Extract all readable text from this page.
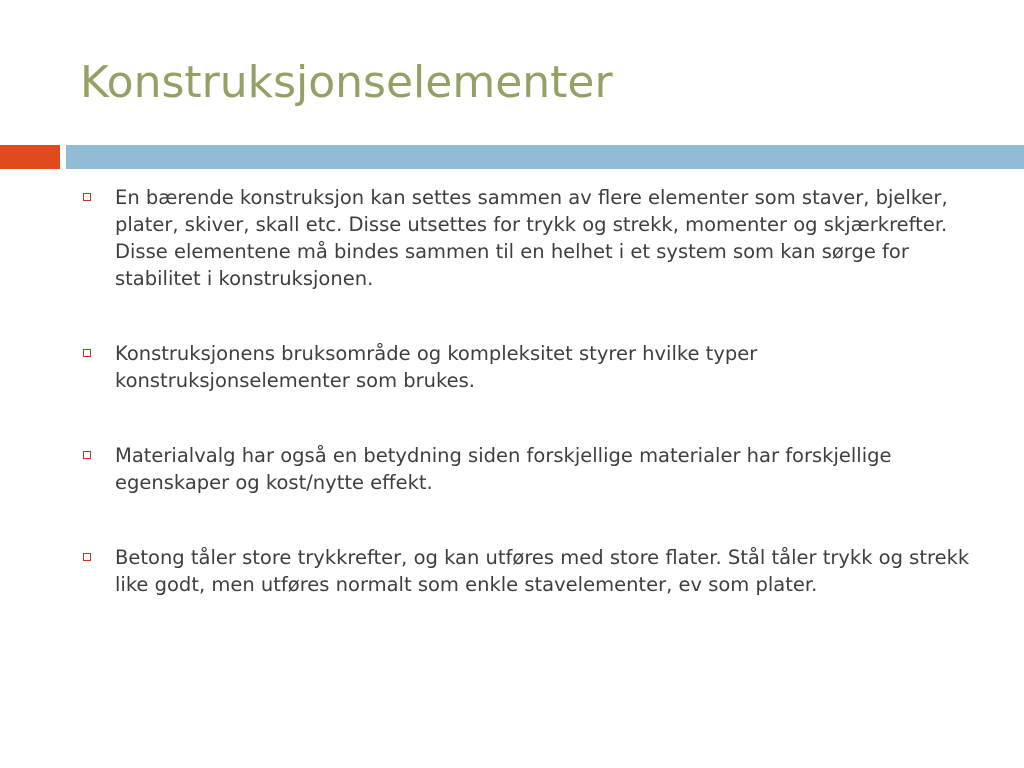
Konstruksjonselementer
En bærende konstruksjon kan settes sammen av flere elementer som staver, bjelker, plater, skiver, skall etc. Disse utsettes for trykk og strekk, momenter og skjærkrefter. Disse elementene må bindes sammen til en helhet i et system som kan sørge for stabilitet i konstruksjonen.
Konstruksjonens bruksområde og kompleksitet styrer hvilke typer konstruksjonselementer som brukes.
Materialvalg har også en betydning siden forskjellige materialer har forskjellige egenskaper og kost/nytte effekt.
Betong tåler store trykkrefter, og kan utføres med store flater. Stål tåler trykk og strekk like godt, men utføres normalt som enkle stavelementer, ev som plater.
